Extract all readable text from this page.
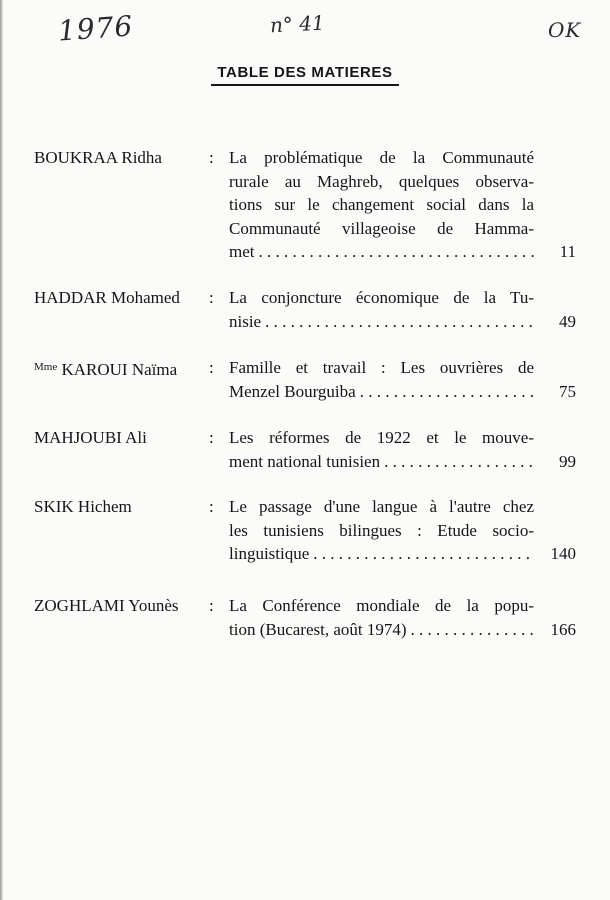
1976	n° 41	OK
TABLE DES MATIERES
BOUKRAA Ridha	: La problématique de la Communauté
rurale au Maghreb, quelques observa-
tions sur le changement social dans la
Communauté villageoise de Hamma-
met . . .	11
HADDAR Mohamed : La conjoncture économique de la Tu-
nisie . . .	49
$^{Mme}$ KAROUI Naïma : Famille et travail : Les ouvrières de
Menzel Bourguiba . . .	75
MAHJOUBI Ali	: Les réformes de 1922 et le mouve-
ment national tunisien . . .	99
SKIK Hichem	: Le passage d'une langue à l'autre chez
les tunisiens bilingues : Etude socio-
linguistique . . .	140
ZOGHLAMI Younès : La Conférence mondiale de la popu-
tion (Bucarest, août 1974) . . .	166
